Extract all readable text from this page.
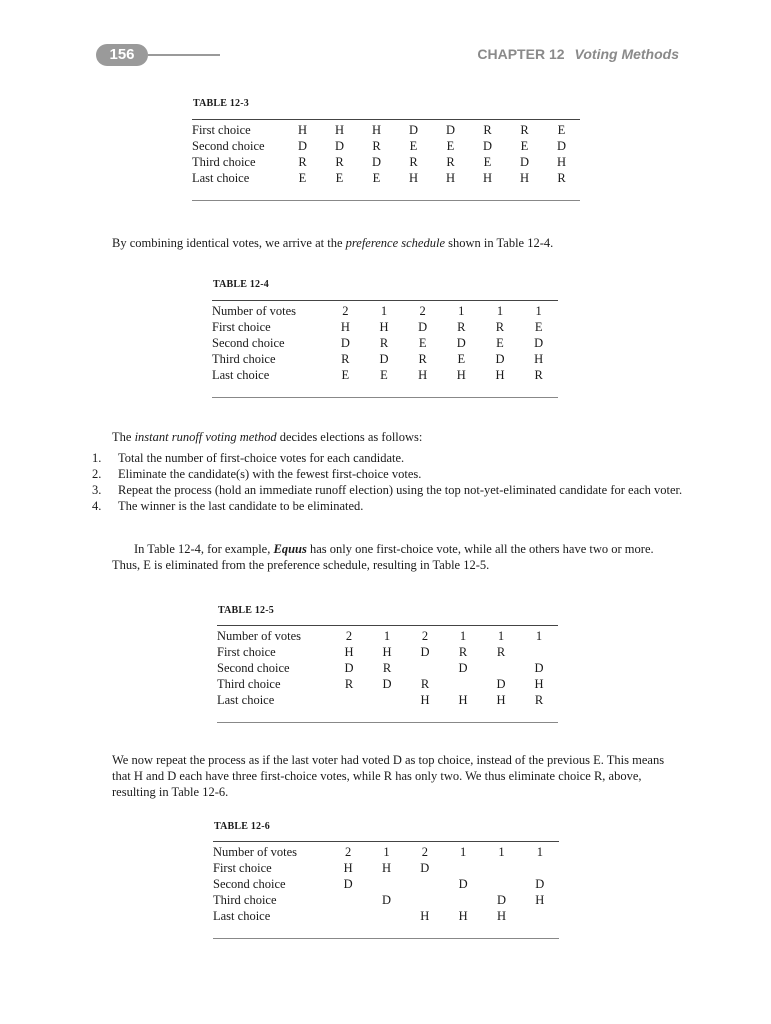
156	CHAPTER 12 Voting Methods
TABLE 12-3
First choice	H	H	H	D	D	R	R	E
Second choice	D	D	R	E	E	D	E	D
Third choice	R	R	D	R	R	E	D	H
Last choice	E	E	E	H	H	H	H	R
By combining identical votes, we arrive at the preference schedule shown in Table 12-4.
TABLE 12-4
Number of votes	2	1	2	1	1	1
First choice	H	H	D	R	R	E
Second choice	D	R	E	D	E	D
Third choice	R	D	R	E	D	H
Last choice	E	E	H	H	H	R
The instant runoff voting method decides elections as follows:
1. Total the number of first-choice votes for each candidate.
2. Eliminate the candidate(s) with the fewest first-choice votes.
3. Repeat the process (hold an immediate runoff election) using the top not-yet-eliminated candidate for each voter.
4. The winner is the last candidate to be eliminated.
In Table 12-4, for example, Equus has only one first-choice vote, while all the others have two or more. Thus, E is eliminated from the preference schedule, resulting in Table 12-5.
TABLE 12-5
Number of votes	2	1	2	1	1	1
First choice	H	H	D	R	R	
Second choice	D	R		D		D
Third choice	R	D	R		D	H
Last choice			H	H	H	R
We now repeat the process as if the last voter had voted D as top choice, instead of the previous E. This means that H and D each have three first-choice votes, while R has only two. We thus eliminate choice R, above, resulting in Table 12-6.
TABLE 12-6
Number of votes	2	1	2	1	1	1
First choice	H	H	D			
Second choice	D			D		D
Third choice		D			D	H
Last choice			H	H	H	
